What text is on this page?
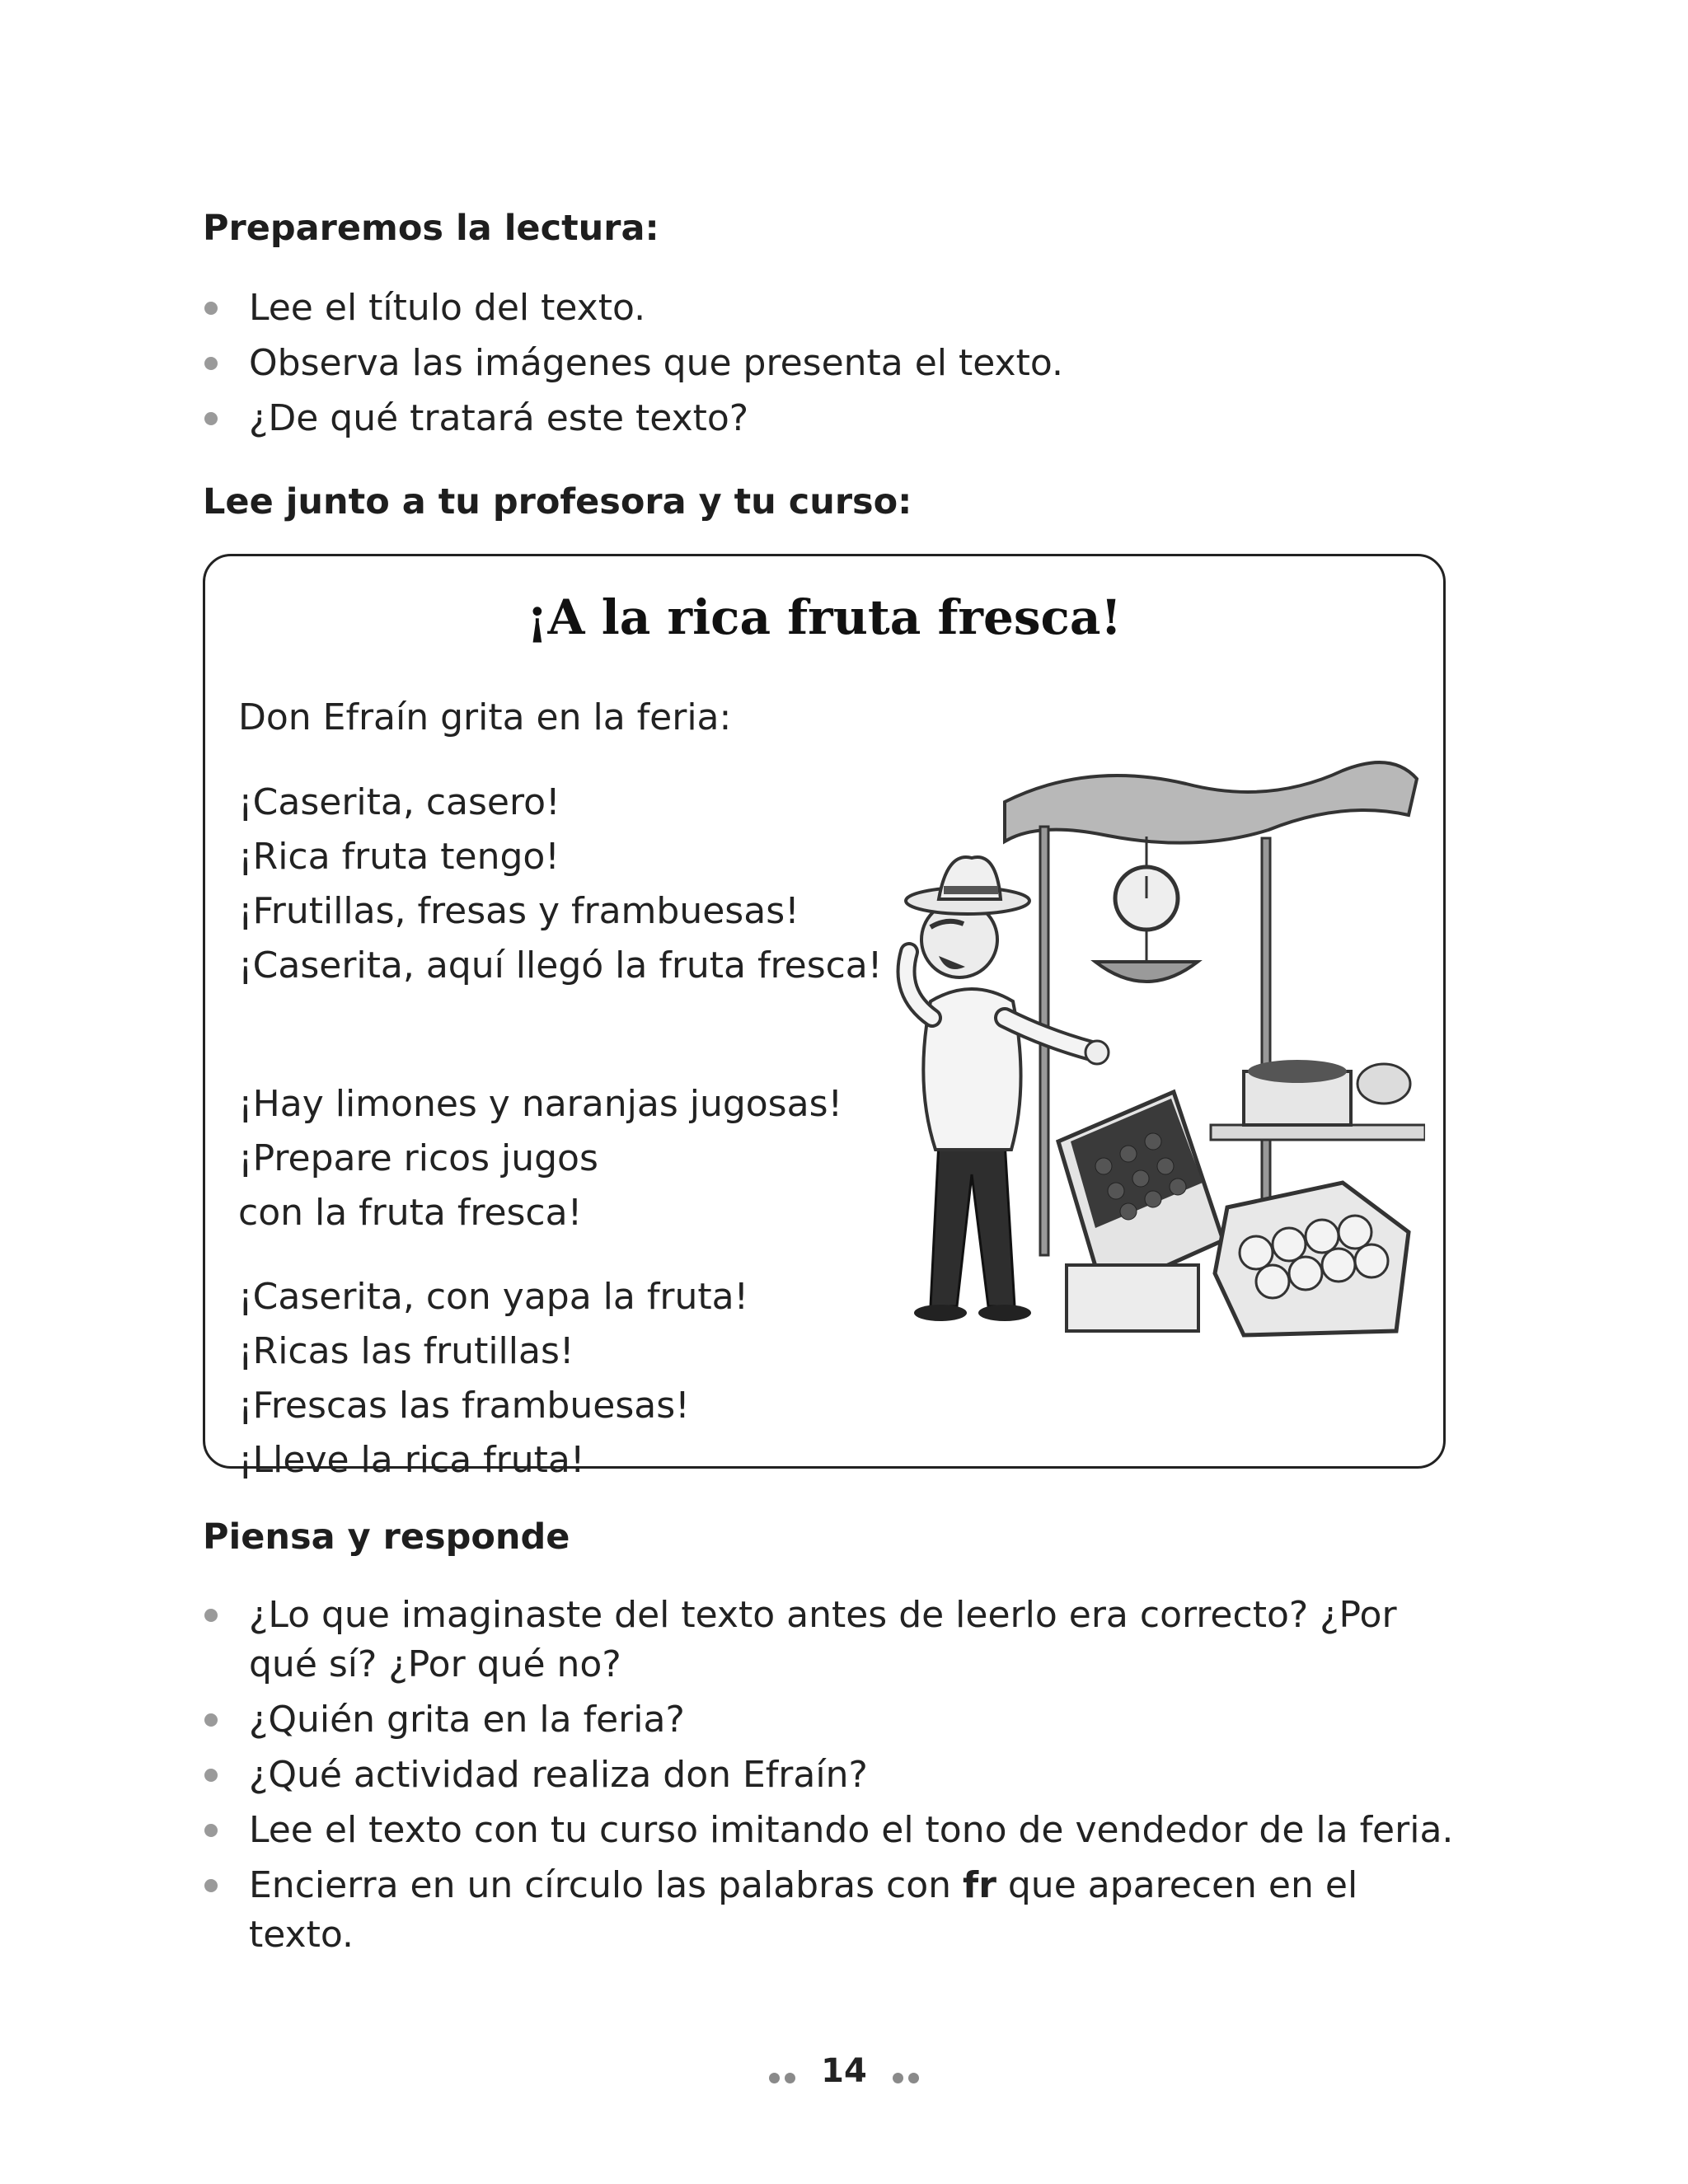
Preparemos la lectura:
Lee el título del texto.
Observa las imágenes que presenta el texto.
¿De qué tratará este texto?
Lee junto a tu profesora y tu curso:
¡A la rica fruta fresca!
Don Efraín grita en la feria:
¡Caserita, casero!
¡Rica fruta tengo!
¡Frutillas, fresas y frambuesas!
¡Caserita, aquí llegó la fruta fresca!
¡Hay limones y naranjas jugosas!
¡Prepare ricos jugos
con la fruta fresca!
¡Caserita, con yapa la fruta!
¡Ricas las frutillas!
¡Frescas las frambuesas!
¡Lleve la rica fruta!
Piensa y responde
¿Lo que imaginaste del texto antes de leerlo era correcto? ¿Por qué sí? ¿Por qué no?
¿Quién grita en la feria?
¿Qué actividad realiza don Efraín?
Lee el texto con tu curso imitando el tono de vendedor de la feria.
Encierra en un círculo las palabras con fr que aparecen en el texto.
14
